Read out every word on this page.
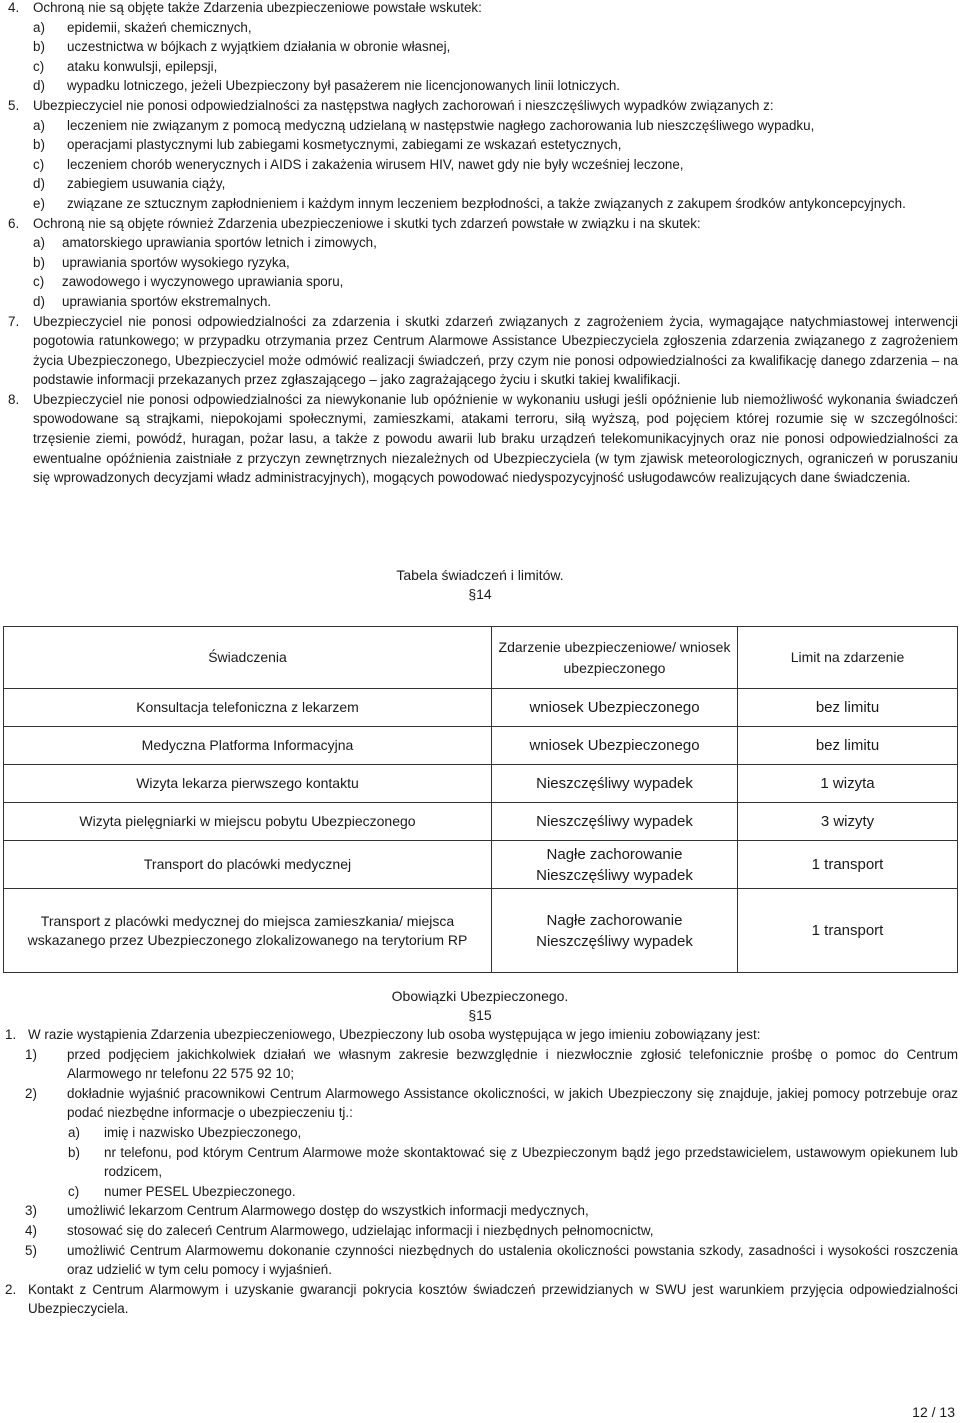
4.	Ochroną nie są objęte także Zdarzenia ubezpieczeniowe powstałe wskutek:
a)	epidemii, skażeń chemicznych,
b)	uczestnictwa w bójkach z wyjątkiem działania w obronie własnej,
c)	ataku konwulsji, epilepsji,
d)	wypadku lotniczego, jeżeli Ubezpieczony był pasażerem nie licencjonowanych linii lotniczych.
5.	Ubezpieczyciel nie ponosi odpowiedzialności za następstwa nagłych zachorowań i nieszczęśliwych wypadków związanych z:
a)	leczeniem nie związanym z pomocą medyczną udzielaną w następstwie nagłego zachorowania lub nieszczęśliwego wypadku,
b)	operacjami plastycznymi lub zabiegami kosmetycznymi, zabiegami ze wskazań estetycznych,
c)	leczeniem chorób wenerycznych i AIDS i zakażenia wirusem HIV, nawet gdy nie były wcześniej leczone,
d)	zabiegiem usuwania ciąży,
e)	związane ze sztucznym zapłodnieniem i każdym innym leczeniem bezpłodności, a także związanych z zakupem środków antykoncepcyjnych.
6.	Ochroną nie są objęte również Zdarzenia ubezpieczeniowe i skutki tych zdarzeń powstałe w związku i na skutek:
a)	amatorskiego uprawiania sportów letnich i zimowych,
b)	uprawiania sportów wysokiego ryzyka,
c)	zawodowego i wyczynowego uprawiania sporu,
d)	uprawiania sportów ekstremalnych.
7.	Ubezpieczyciel nie ponosi odpowiedzialności za zdarzenia i skutki zdarzeń związanych z zagrożeniem życia, wymagające natychmiastowej interwencji pogotowia ratunkowego; w przypadku otrzymania przez Centrum Alarmowe Assistance Ubezpieczyciela zgłoszenia zdarzenia związanego z zagrożeniem życia Ubezpieczonego, Ubezpieczyciel może odmówić realizacji świadczeń, przy czym nie ponosi odpowiedzialności za kwalifikację danego zdarzenia – na podstawie informacji przekazanych przez zgłaszającego – jako zagrażającego życiu i skutki takiej kwalifikacji.
8.	Ubezpieczyciel nie ponosi odpowiedzialności za niewykonanie lub opóźnienie w wykonaniu usługi jeśli opóźnienie lub niemożliwość wykonania świadczeń spowodowane są strajkami, niepokojami społecznymi, zamieszkami, atakami terroru, siłą wyższą, pod pojęciem której rozumie się w szczególności: trzęsienie ziemi, powódź, huragan, pożar lasu, a także z powodu awarii lub braku urządzeń telekomunikacyjnych oraz nie ponosi odpowiedzialności za ewentualne opóźnienia zaistniałe z przyczyn zewnętrznych niezależnych od Ubezpieczyciela (w tym zjawisk meteorologicznych, ograniczeń w poruszaniu się wprowadzonych decyzjami władz administracyjnych), mogących powodować niedyspozycyjność usługodawców realizujących dane świadczenia.
Tabela świadczeń i limitów.
§14
Świadczenia	Zdarzenie ubezpieczeniowe/ wniosek ubezpieczonego	Limit na zdarzenie
Konsultacja telefoniczna z lekarzem	wniosek Ubezpieczonego	bez limitu
Medyczna Platforma Informacyjna	wniosek Ubezpieczonego	bez limitu
Wizyta lekarza pierwszego kontaktu	Nieszczęśliwy wypadek	1 wizyta
Wizyta pielęgniarki w miejscu pobytu Ubezpieczonego	Nieszczęśliwy wypadek	3 wizyty
Transport do placówki medycznej	Nagłe zachorowanie Nieszczęśliwy wypadek	1 transport
Transport z placówki medycznej do miejsca zamieszkania/ miejsca wskazanego przez Ubezpieczonego zlokalizowanego na terytorium RP	Nagłe zachorowanie Nieszczęśliwy wypadek	1 transport
Obowiązki Ubezpieczonego.
§15
1. W razie wystąpienia Zdarzenia ubezpieczeniowego, Ubezpieczony lub osoba występująca w jego imieniu zobowiązany jest:
1)	przed podjęciem jakichkolwiek działań we własnym zakresie bezwzględnie i niezwłocznie zgłosić telefonicznie prośbę o pomoc do Centrum Alarmowego nr telefonu 22 575 92 10;
2)	dokładnie wyjaśnić pracownikowi Centrum Alarmowego Assistance okoliczności, w jakich Ubezpieczony się znajduje, jakiej pomocy potrzebuje oraz podać niezbędne informacje o ubezpieczeniu tj.:
a)	imię i nazwisko Ubezpieczonego,
b)	nr telefonu, pod którym Centrum Alarmowe może skontaktować się z Ubezpieczonym bądź jego przedstawicielem, ustawowym opiekunem lub rodzicem,
c)	numer PESEL Ubezpieczonego.
3)	umożliwić lekarzom Centrum Alarmowego dostęp do wszystkich informacji medycznych,
4)	stosować się do zaleceń Centrum Alarmowego, udzielając informacji i niezbędnych pełnomocnictw,
5)	umożliwić Centrum Alarmowemu dokonanie czynności niezbędnych do ustalenia okoliczności powstania szkody, zasadności i wysokości roszczenia oraz udzielić w tym celu pomocy i wyjaśnień.
2. Kontakt z Centrum Alarmowym i uzyskanie gwarancji pokrycia kosztów świadczeń przewidzianych w SWU jest warunkiem przyjęcia odpowiedzialności Ubezpieczyciela.
12 / 13
